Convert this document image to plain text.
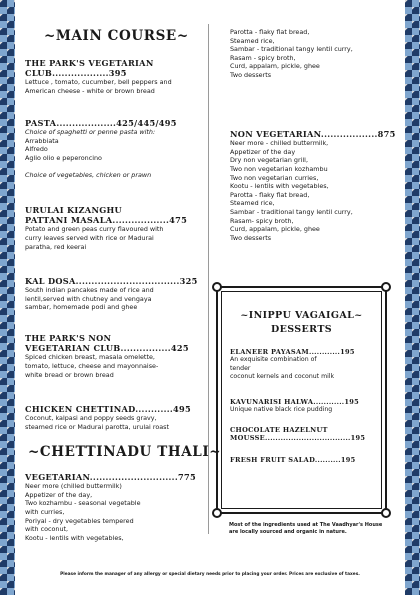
~MAIN COURSE~
THE PARK'S VEGETARIAN
CLUB..................395
Lettuce , tomato, cucumber, bell peppers and
American cheese - white or brown bread
PASTA...................425/445/495
Choice of spaghetti or penne pasta with:
Arrabbiata
Alfredo
Aglio olio e peperoncino
Choice of vegetables, chicken or prawn
URULAI KIZANGHU
PATTANI MASALA..................475
Potato and green peas curry flavoured with
curry leaves served with rice or Madurai
paratha, red keerai
KAL DOSA.................................325
South indian pancakes made of rice and
lentil,served with chutney and vengaya
sambar, homemade podi and ghee
THE PARK'S NON
VEGETARIAN CLUB................425
Spiced chicken breast, masala omelette,
tomato, lettuce, cheese and mayonnaise-
white bread or brown bread
CHICKEN CHETTINAD............495
Coconut, kalpasi and poppy seeds gravy,
steamed rice or Madurai parotta, urulai roast
~CHETTINADU THALI~
VEGETARIAN............................775
Neer more (chilled buttermilk)
Appetizer of the day,
Two kozhambu - seasonal vegetable
with curries,
Poriyal - dry vegetables tempered
with coconut,
Kootu - lentils with vegetables,
Parotta - flaky flat bread,
Steamed rice,
Sambar - traditional tangy lentil curry,
Rasam - spicy broth,
Curd, appalam, pickle, ghee
Two desserts
NON VEGETARIAN..................875
Neer more - chilled buttermilk,
Appetizer of the day
Dry non vegetarian grill,
Two non vegetarian kozhambu
Two non vegetarian curries,
Kootu - lentils with vegetables,
Parotta - flaky flat bread,
Steamed rice,
Sambar - traditional tangy lentil curry,
Rasam- spicy broth,
Curd, appalam, pickle, ghee
Two desserts
~INIPPU VAGAIGAL~
DESSERTS
ELANEER PAYASAM............195
An exquisite combination of
tender
coconut kernels and coconut milk
KAVUNARISI HALWA............195
Unique native black rice pudding
CHOCOLATE HAZELNUT
MOUSSE.................................195
FRESH FRUIT SALAD..........195
Most of the ingredients used at The Vaadhyar's House are locally sourced and organic in nature.
Please inform the manager of any allergy or special dietary needs prior to placing your order. Prices are exclusive of taxes.
